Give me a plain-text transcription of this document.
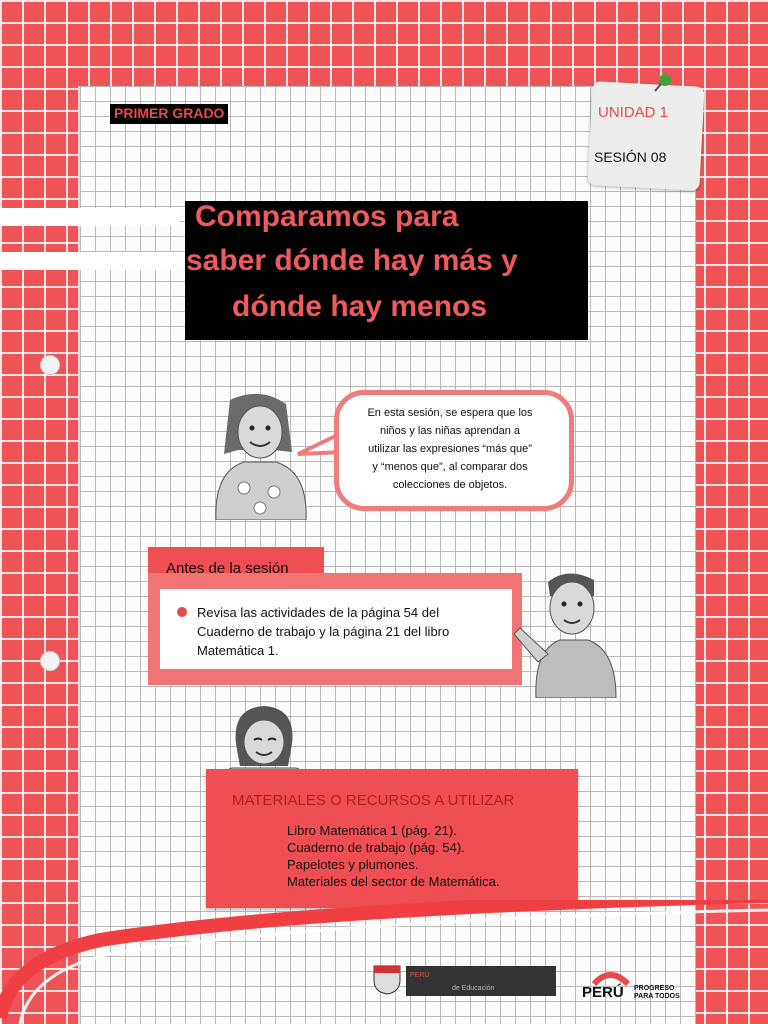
PRIMER GRADO	UNIDAD 1
SESIÓN 08
Comparamos para
saber dónde hay más y
dónde hay menos
En esta sesión, se espera que los
niños y las niñas aprendan a
utilizar las expresiones “más que”
y “menos que”, al comparar dos
colecciones de objetos.
Antes de la sesión
Revisa las actividades de la página 54 del
Cuaderno de trabajo y la página 21 del libro
Matemática 1.
MATERIALES O RECURSOS A UTILIZAR
Libro Matemática 1 (pág. 21).
Cuaderno de trabajo (pág. 54).
Papelotes y plumones.
Materiales del sector de Matemática.
PERÚ
de Educación	PERÚ PROGRESO
PARA TODOS
